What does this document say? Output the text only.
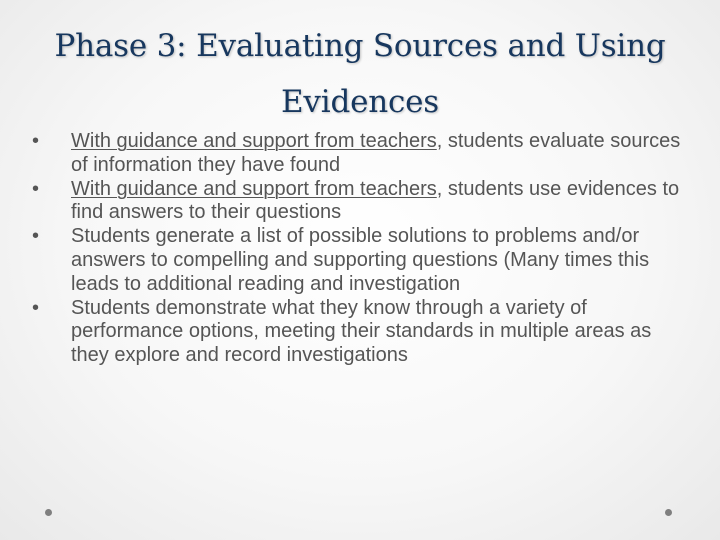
Phase 3: Evaluating Sources and Using
Evidences
• With guidance and support from teachers, students evaluate sources of information they have found
• With guidance and support from teachers, students use evidences to find answers to their questions
• Students generate a list of possible solutions to problems and/or answers to compelling and supporting questions (Many times this leads to additional reading and investigation
• Students demonstrate what they know through a variety of performance options, meeting their standards in multiple areas as they explore and record investigations
